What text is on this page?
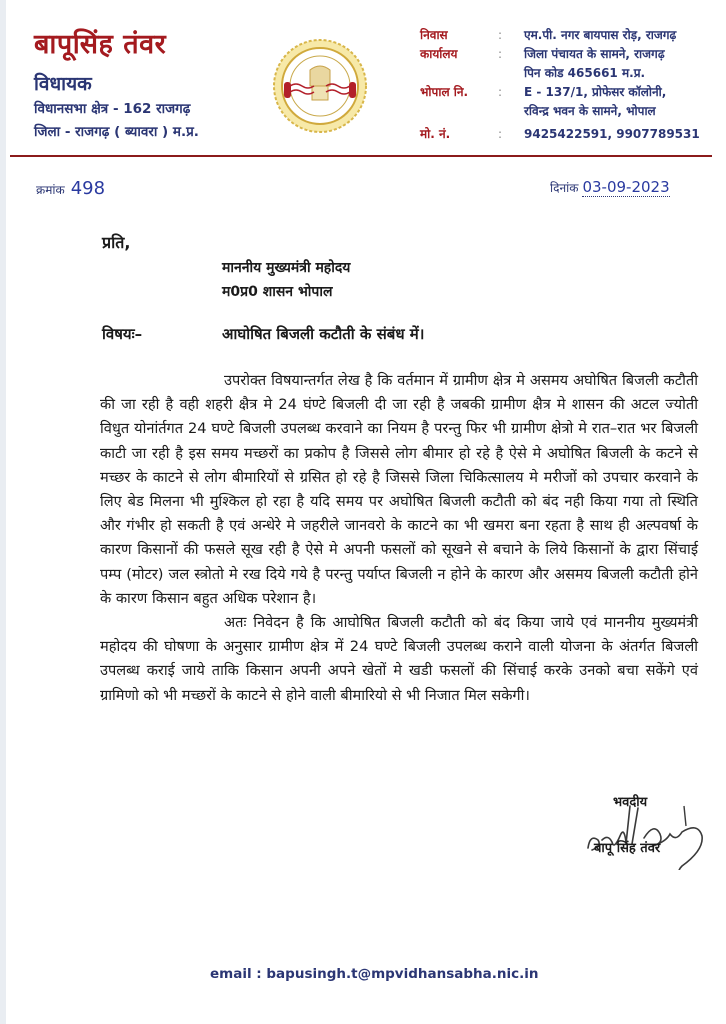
बापूसिंह तंवर
विधायक
विधानसभा क्षेत्र - 162 राजगढ़
जिला - राजगढ़ ( ब्यावरा ) म.प्र.
निवास	:	एम.पी. नगर बायपास रोड़, राजगढ़
कार्यालय	:	जिला पंचायत के सामने, राजगढ़
पिन कोड 465661 म.प्र.
भोपाल नि.	:	E - 137/1, प्रोफेसर कॉलोनी,
रविन्द्र भवन के सामने, भोपाल
मो. नं.	:	9425422591, 9907789531
क्रमांक 498	दिनांक 03-09-2023
प्रति,
माननीय मुख्यमंत्री महोदय
म0प्र0 शासन भोपाल
विषयः–	आघोषित बिजली कटौती के संबंध में।

उपरोक्त विषयान्तर्गत लेख है कि वर्तमान में ग्रामीण क्षेत्र मे असमय अघोषित बिजली कटौती की जा रही है वही शहरी क्षैत्र मे 24 घंण्टे बिजली दी जा रही है जबकी ग्रामीण क्षैत्र मे शासन की अटल ज्योती विधुत योनांर्तगत 24 घण्टे बिजली उपलब्ध करवाने का नियम है परन्तु फिर भी ग्रामीण क्षेत्रो मे रात–रात भर बिजली काटी जा रही है इस समय मच्छरों का प्रकोप है जिससे लोग बीमार हो रहे है ऐसे मे अघोषित बिजली के कटने से मच्छर के काटने से लोग बीमारियों से ग्रसित हो रहे है जिससे जिला चिकित्सालय मे मरीजों को उपचार करवाने के लिए बेड मिलना भी मुश्किल हो रहा है यदि समय पर अघोषित बिजली कटौती को बंद नही किया गया तो स्थिति और गंभीर हो सकती है एवं अन्धेरे मे जहरीले जानवरो के काटने का भी खमरा बना रहता है साथ ही अल्पवर्षा के कारण किसानों की फसले सूख रही है ऐसे मे अपनी फसलों को सूखने से बचाने के लिये किसानों के द्वारा सिंचाई पम्प (मोटर) जल स्त्रोतो मे रख दिये गये है परन्तु पर्याप्त बिजली न होने के कारण और असमय बिजली कटौती होने के कारण किसान बहुत अधिक परेशान है।

अतः निवेदन है कि आघोषित बिजली कटौती को बंद किया जाये एवं माननीय मुख्यमंत्री महोदय की घोषणा के अनुसार ग्रामीण क्षेत्र में 24 घण्टे बिजली उपलब्ध कराने वाली योजना के अंतर्गत बिजली उपलब्ध कराई जाये ताकि किसान अपनी अपने खेतों मे खडी फसलों की सिंचाई करके उनको बचा सकेंगे एवं ग्रामिणो को भी मच्छरों के काटने से होने वाली बीमारियो से भी निजात मिल सकेगी।

भवदीय
बापू सिंह तंवर
email : bapusingh.t@mpvidhansabha.nic.in
